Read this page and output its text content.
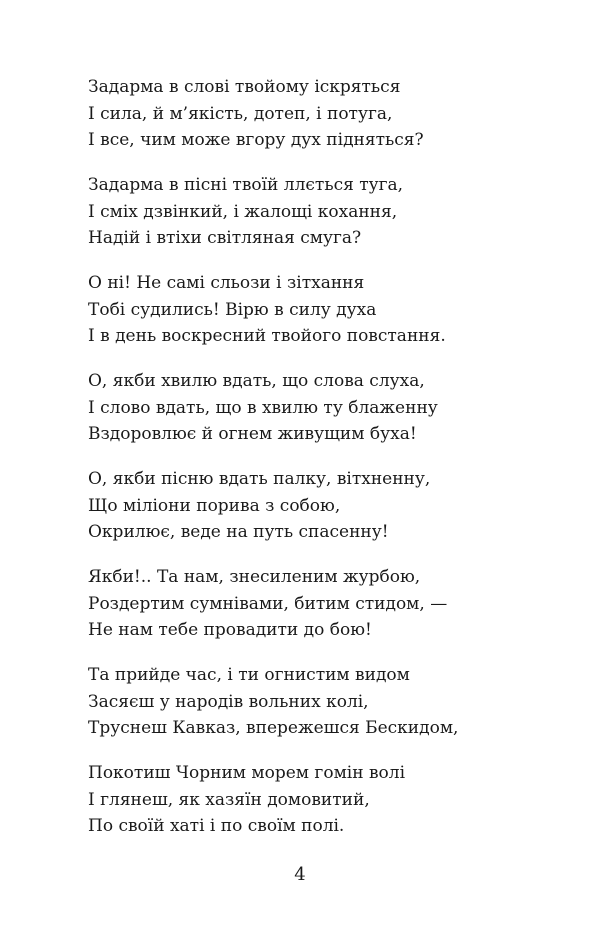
Задарма в слові твойому іскряться
І сила, й м’якість, дотеп, і потуга,
І все, чим може вгору дух підняться?
Задарма в пісні твоїй ллється туга,
І сміх дзвінкий, і жалощі кохання,
Надій і втіхи світляная смуга?
О ні! Не самі сльози і зітхання
Тобі судились! Вірю в силу духа
І в день воскресний твойого повстання.
О, якби хвилю вдать, що слова слуха,
І слово вдать, що в хвилю ту блаженну
Вздоровлює й огнем живущим буха!
О, якби пісню вдать палку, вітхненну,
Що мілiони порива з собою,
Окрилює, веде на путь спасенну!
Якби!.. Та нам, знесиленим журбою,
Роздертим сумнівами, битим стидом, —
Не нам тебе провадити до бою!
Та прийде час, і ти огнистим видом
Засяєш у народів вольних колі,
Труснеш Кавказ, впережешся Бескидом,
Покотиш Чорним морем гомін волі
І глянеш, як хазяїн домовитий,
По своїй хаті і по своїм полі.
4
